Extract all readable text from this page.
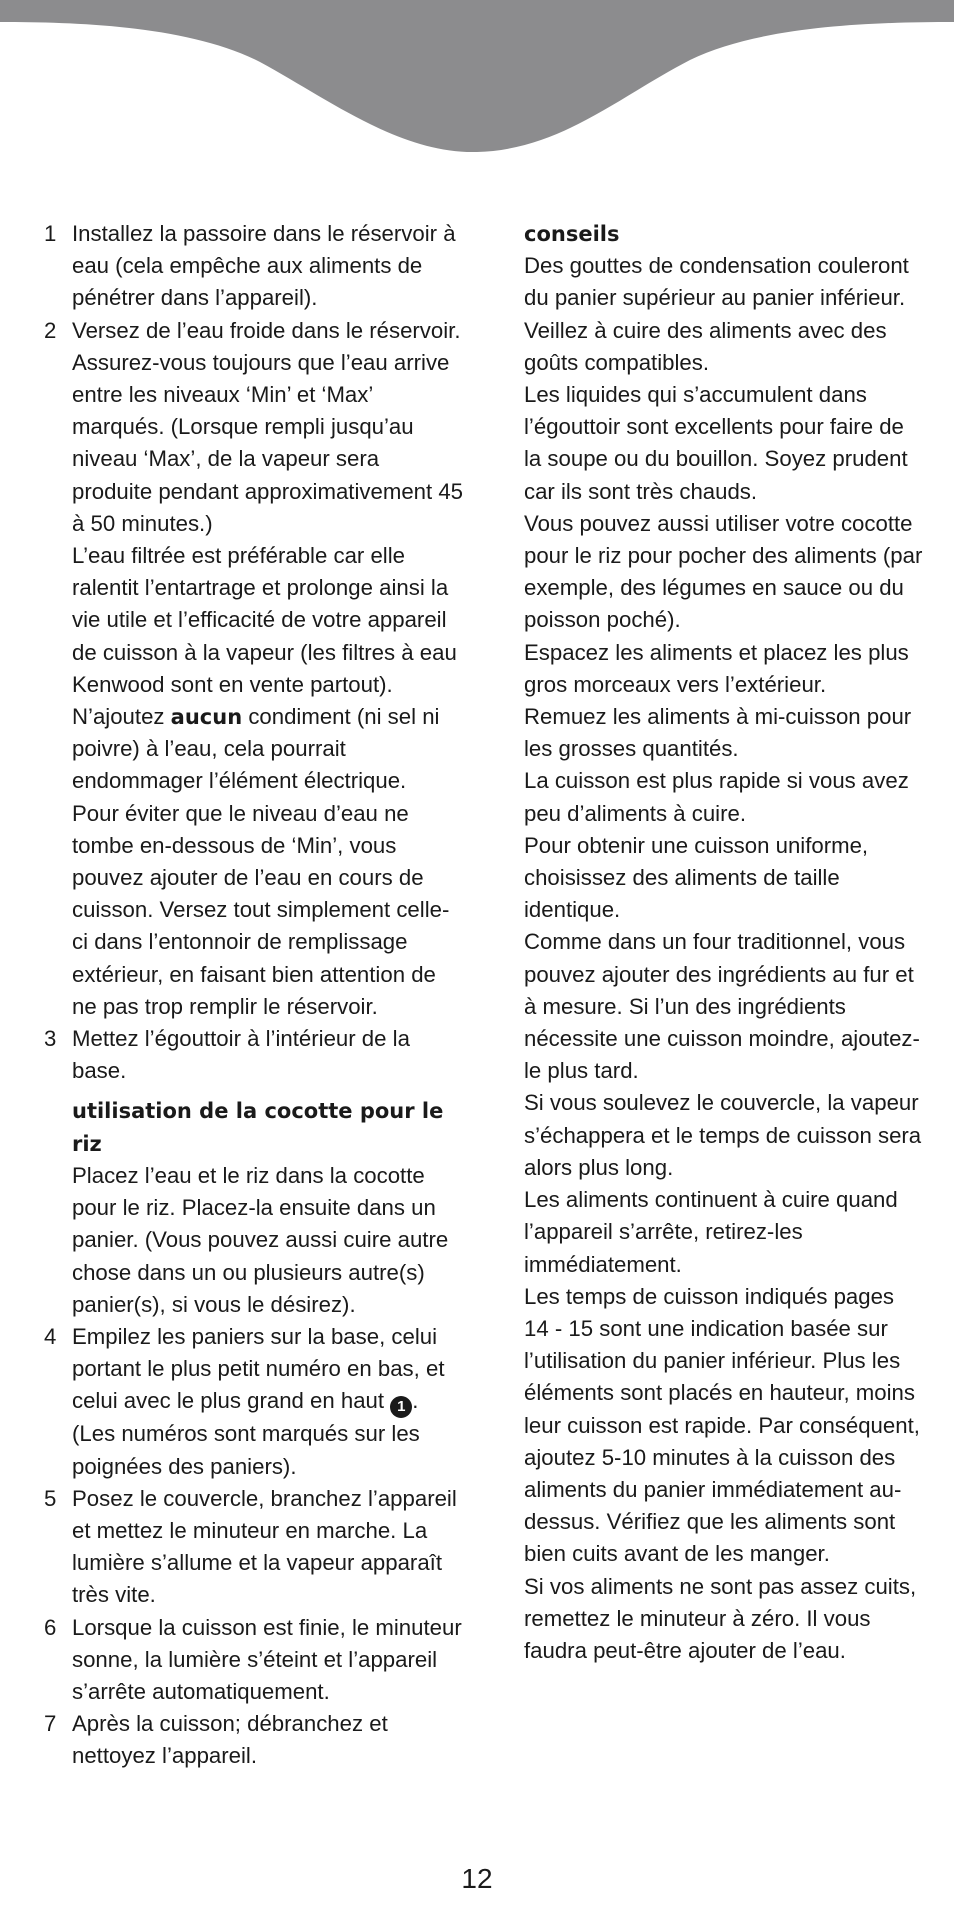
1 Installez la passoire dans le réservoir à eau (cela empêche aux aliments de pénétrer dans l’appareil).

2 Versez de l’eau froide dans le réservoir. Assurez-vous toujours que l’eau arrive entre les niveaux ‘Min’ et ‘Max’ marqués. (Lorsque rempli jusqu’au niveau ‘Max’, de la vapeur sera produite pendant approximativement 45 à 50 minutes.)

L’eau filtrée est préférable car elle ralentit l’entartrage et prolonge ainsi la vie utile et l’efficacité de votre appareil de cuisson à la vapeur (les filtres à eau Kenwood sont en vente partout).

N’ajoutez aucun condiment (ni sel ni poivre) à l’eau, cela pourrait endommager l’élément électrique.

Pour éviter que le niveau d’eau ne tombe en-dessous de ‘Min’, vous pouvez ajouter de l’eau en cours de cuisson. Versez tout simplement celle- ci dans l’entonnoir de remplissage extérieur, en faisant bien attention de ne pas trop remplir le réservoir.

3 Mettez l’égouttoir à l’intérieur de la base.

utilisation de la cocotte pour le riz

Placez l’eau et le riz dans la cocotte pour le riz. Placez-la ensuite dans un panier. (Vous pouvez aussi cuire autre chose dans un ou plusieurs autre(s) panier(s), si vous le désirez).

4 Empilez les paniers sur la base, celui portant le plus petit numéro en bas, et celui avec le plus grand en haut 1 . (Les numéros sont marqués sur les poignées des paniers).

5 Posez le couvercle, branchez l’appareil et mettez le minuteur en marche. La lumière s’allume et la vapeur apparaît très vite.

6 Lorsque la cuisson est finie, le minuteur sonne, la lumière s’éteint et l’appareil s’arrête automatiquement.

7 Après la cuisson; débranchez et nettoyez l’appareil.

conseils

Des gouttes de condensation couleront du panier supérieur au panier inférieur. Veillez à cuire des aliments avec des goûts compatibles.

Les liquides qui s’accumulent dans l’égouttoir sont excellents pour faire de la soupe ou du bouillon. Soyez prudent car ils sont très chauds.

Vous pouvez aussi utiliser votre cocotte pour le riz pour pocher des aliments (par exemple, des légumes en sauce ou du poisson poché).

Espacez les aliments et placez les plus gros morceaux vers l’extérieur.

Remuez les aliments à mi-cuisson pour les grosses quantités.

La cuisson est plus rapide si vous avez peu d’aliments à cuire.

Pour obtenir une cuisson uniforme, choisissez des aliments de taille identique.

Comme dans un four traditionnel, vous pouvez ajouter des ingrédients au fur et à mesure. Si l’un des ingrédients nécessite une cuisson moindre, ajoutez-le plus tard.

Si vous soulevez le couvercle, la vapeur s’échappera et le temps de cuisson sera alors plus long.

Les aliments continuent à cuire quand l’appareil s’arrête, retirez-les immédiatement.

Les temps de cuisson indiqués pages 14 - 15 sont une indication basée sur l’utilisation du panier inférieur. Plus les éléments sont placés en hauteur, moins leur cuisson est rapide. Par conséquent, ajoutez 5-10 minutes à la cuisson des aliments du panier immédiatement au-dessus. Vérifiez que les aliments sont bien cuits avant de les manger.

Si vos aliments ne sont pas assez cuits, remettez le minuteur à zéro. Il vous faudra peut-être ajouter de l’eau.

12
